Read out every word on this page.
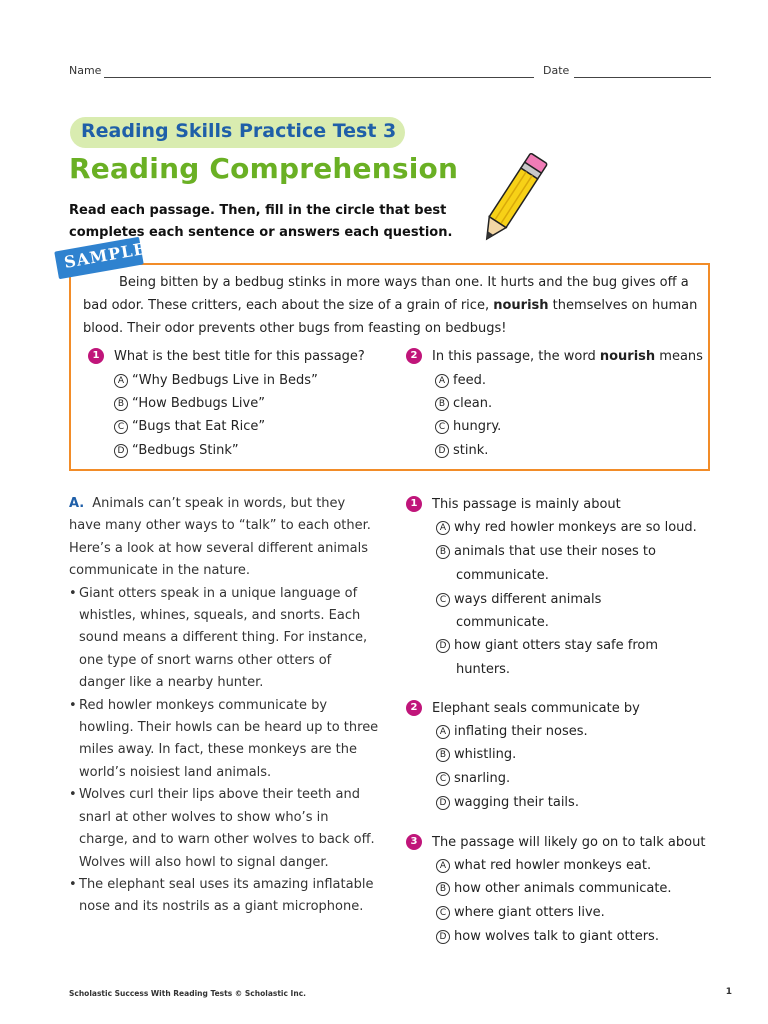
Name	Date
Reading Skills Practice Test 3
Reading Comprehension
Read each passage. Then, fill in the circle that best completes each sentence or answers each question.
SAMPLE
Being bitten by a bedbug stinks in more ways than one. It hurts and the bug gives off a bad odor. These critters, each about the size of a grain of rice, nourish themselves on human blood. Their odor prevents other bugs from feasting on bedbugs!
1	What is the best title for this passage?
A “Why Bedbugs Live in Beds”
B “How Bedbugs Live”
C “Bugs that Eat Rice”
D “Bedbugs Stink”
2	In this passage, the word nourish means
A feed.
B clean.
C hungry.
D stink.
A. Animals can’t speak in words, but they have many other ways to “talk” to each other. Here’s a look at how several different animals communicate in the nature.
• Giant otters speak in a unique language of whistles, whines, squeals, and snorts. Each sound means a different thing. For instance, one type of snort warns other otters of danger like a nearby hunter.
• Red howler monkeys communicate by howling. Their howls can be heard up to three miles away. In fact, these monkeys are the world’s noisiest land animals.
• Wolves curl their lips above their teeth and snarl at other wolves to show who’s in charge, and to warn other wolves to back off. Wolves will also howl to signal danger.
• The elephant seal uses its amazing inflatable nose and its nostrils as a giant microphone.
1	This passage is mainly about
A why red howler monkeys are so loud.
B animals that use their noses to
communicate.
C ways different animals
communicate.
D how giant otters stay safe from
hunters.
2	Elephant seals communicate by
A inflating their noses.
B whistling.
C snarling.
D wagging their tails.
3	The passage will likely go on to talk about
A what red howler monkeys eat.
B how other animals communicate.
C where giant otters live.
D how wolves talk to giant otters.
Scholastic Success With Reading Tests © Scholastic Inc.	1
